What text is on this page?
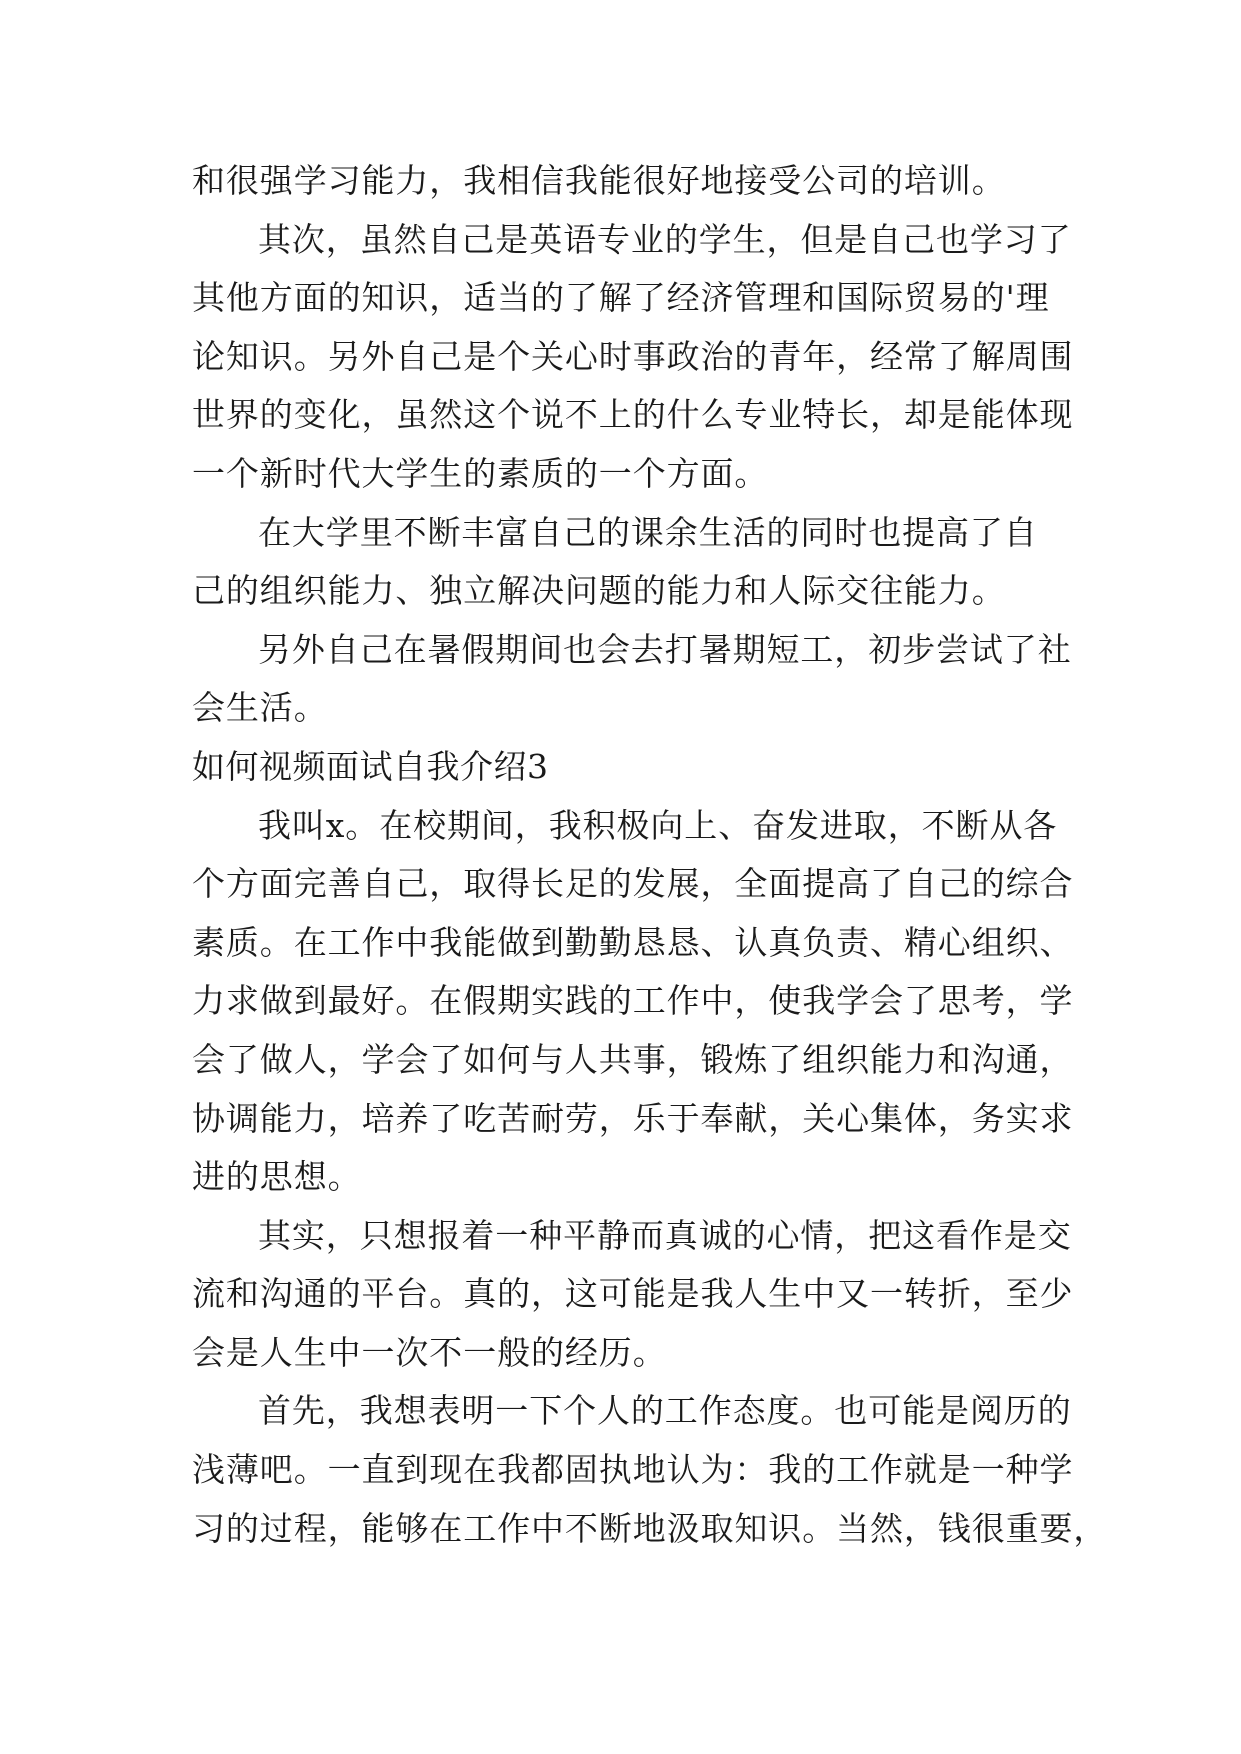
和很强学习能力，我相信我能很好地接受公司的培训。
其次，虽然自己是英语专业的学生，但是自己也学习了
其他方面的知识，适当的了解了经济管理和国际贸易的'理
论知识。另外自己是个关心时事政治的青年，经常了解周围
世界的变化，虽然这个说不上的什么专业特长，却是能体现
一个新时代大学生的素质的一个方面。
在大学里不断丰富自己的课余生活的同时也提高了自
己的组织能力、独立解决问题的能力和人际交往能力。
另外自己在暑假期间也会去打暑期短工，初步尝试了社
会生活。
如何视频面试自我介绍3
我叫x。在校期间，我积极向上、奋发进取，不断从各
个方面完善自己，取得长足的发展，全面提高了自己的综合
素质。在工作中我能做到勤勤恳恳、认真负责、精心组织、
力求做到最好。在假期实践的工作中，使我学会了思考，学
会了做人，学会了如何与人共事，锻炼了组织能力和沟通，
协调能力，培养了吃苦耐劳，乐于奉献，关心集体，务实求
进的思想。
其实，只想报着一种平静而真诚的心情，把这看作是交
流和沟通的平台。真的，这可能是我人生中又一转折，至少
会是人生中一次不一般的经历。
首先，我想表明一下个人的工作态度。也可能是阅历的
浅薄吧。一直到现在我都固执地认为：我的工作就是一种学
习的过程，能够在工作中不断地汲取知识。当然，钱很重要，
